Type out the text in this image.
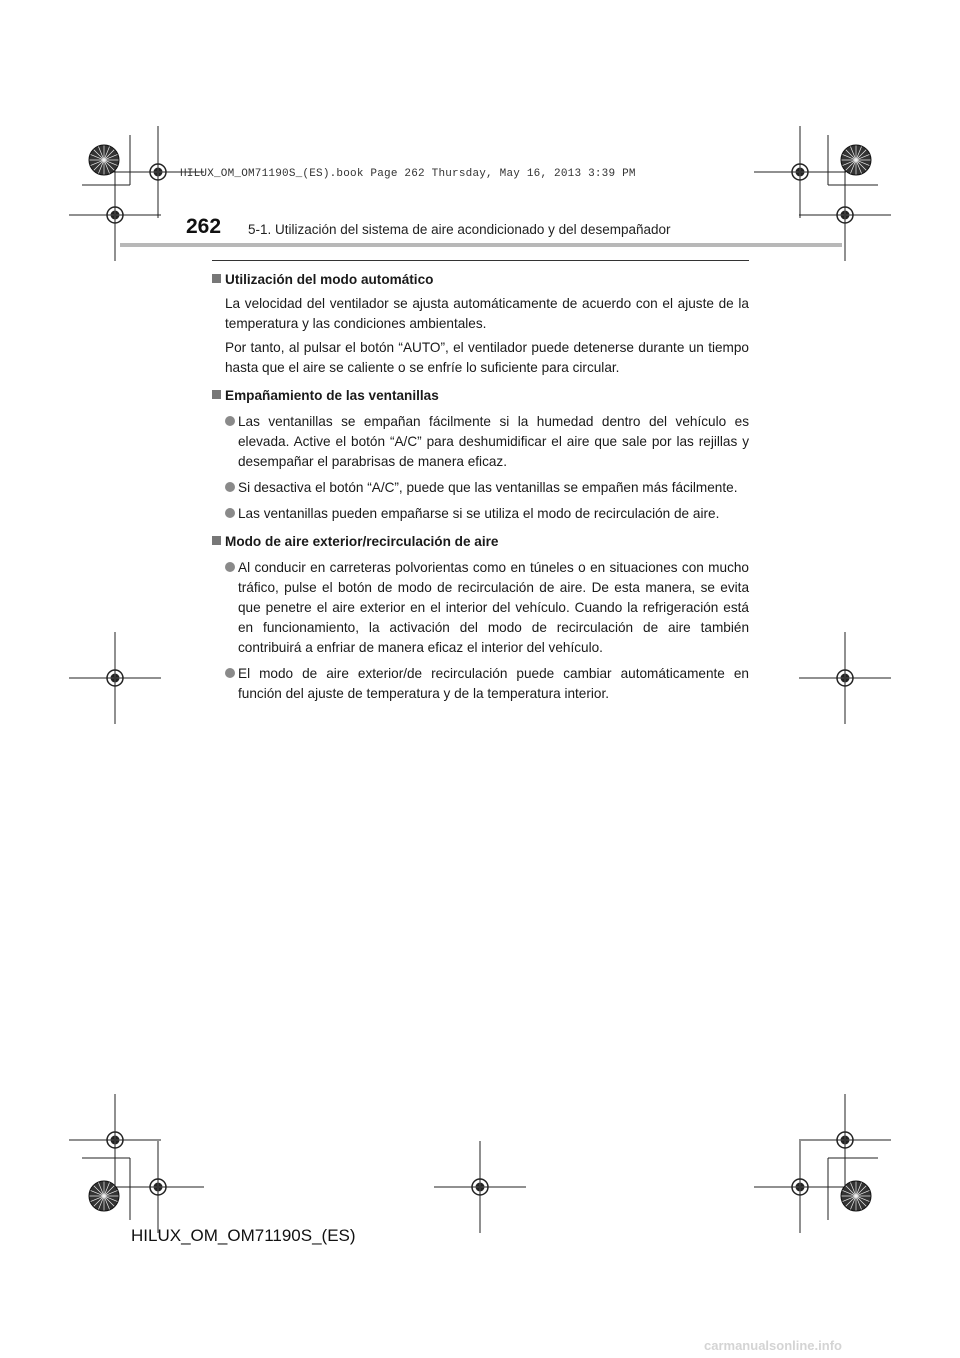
HILUX_OM_OM71190S_(ES).book Page 262 Thursday, May 16, 2013 3:39 PM
262 5-1. Utilización del sistema de aire acondicionado y del desempañador
Utilización del modo automático
La velocidad del ventilador se ajusta automáticamente de acuerdo con el ajuste de la temperatura y las condiciones ambientales.
Por tanto, al pulsar el botón “AUTO”, el ventilador puede detenerse durante un tiempo hasta que el aire se caliente o se enfríe lo suficiente para circular.
Empañamiento de las ventanillas
Las ventanillas se empañan fácilmente si la humedad dentro del vehículo es elevada. Active el botón “A/C” para deshumidificar el aire que sale por las rejillas y desempañar el parabrisas de manera eficaz.
Si desactiva el botón “A/C”, puede que las ventanillas se empañen más fácilmente.
Las ventanillas pueden empañarse si se utiliza el modo de recirculación de aire.
Modo de aire exterior/recirculación de aire
Al conducir en carreteras polvorientas como en túneles o en situaciones con mucho tráfico, pulse el botón de modo de recirculación de aire. De esta manera, se evita que penetre el aire exterior en el interior del vehículo. Cuando la refrigeración está en funcionamiento, la activación del modo de recirculación de aire también contribuirá a enfriar de manera eficaz el interior del vehículo.
El modo de aire exterior/de recirculación puede cambiar automáticamente en función del ajuste de temperatura y de la temperatura interior.
HILUX_OM_OM71190S_(ES)
carmanualsonline.info
